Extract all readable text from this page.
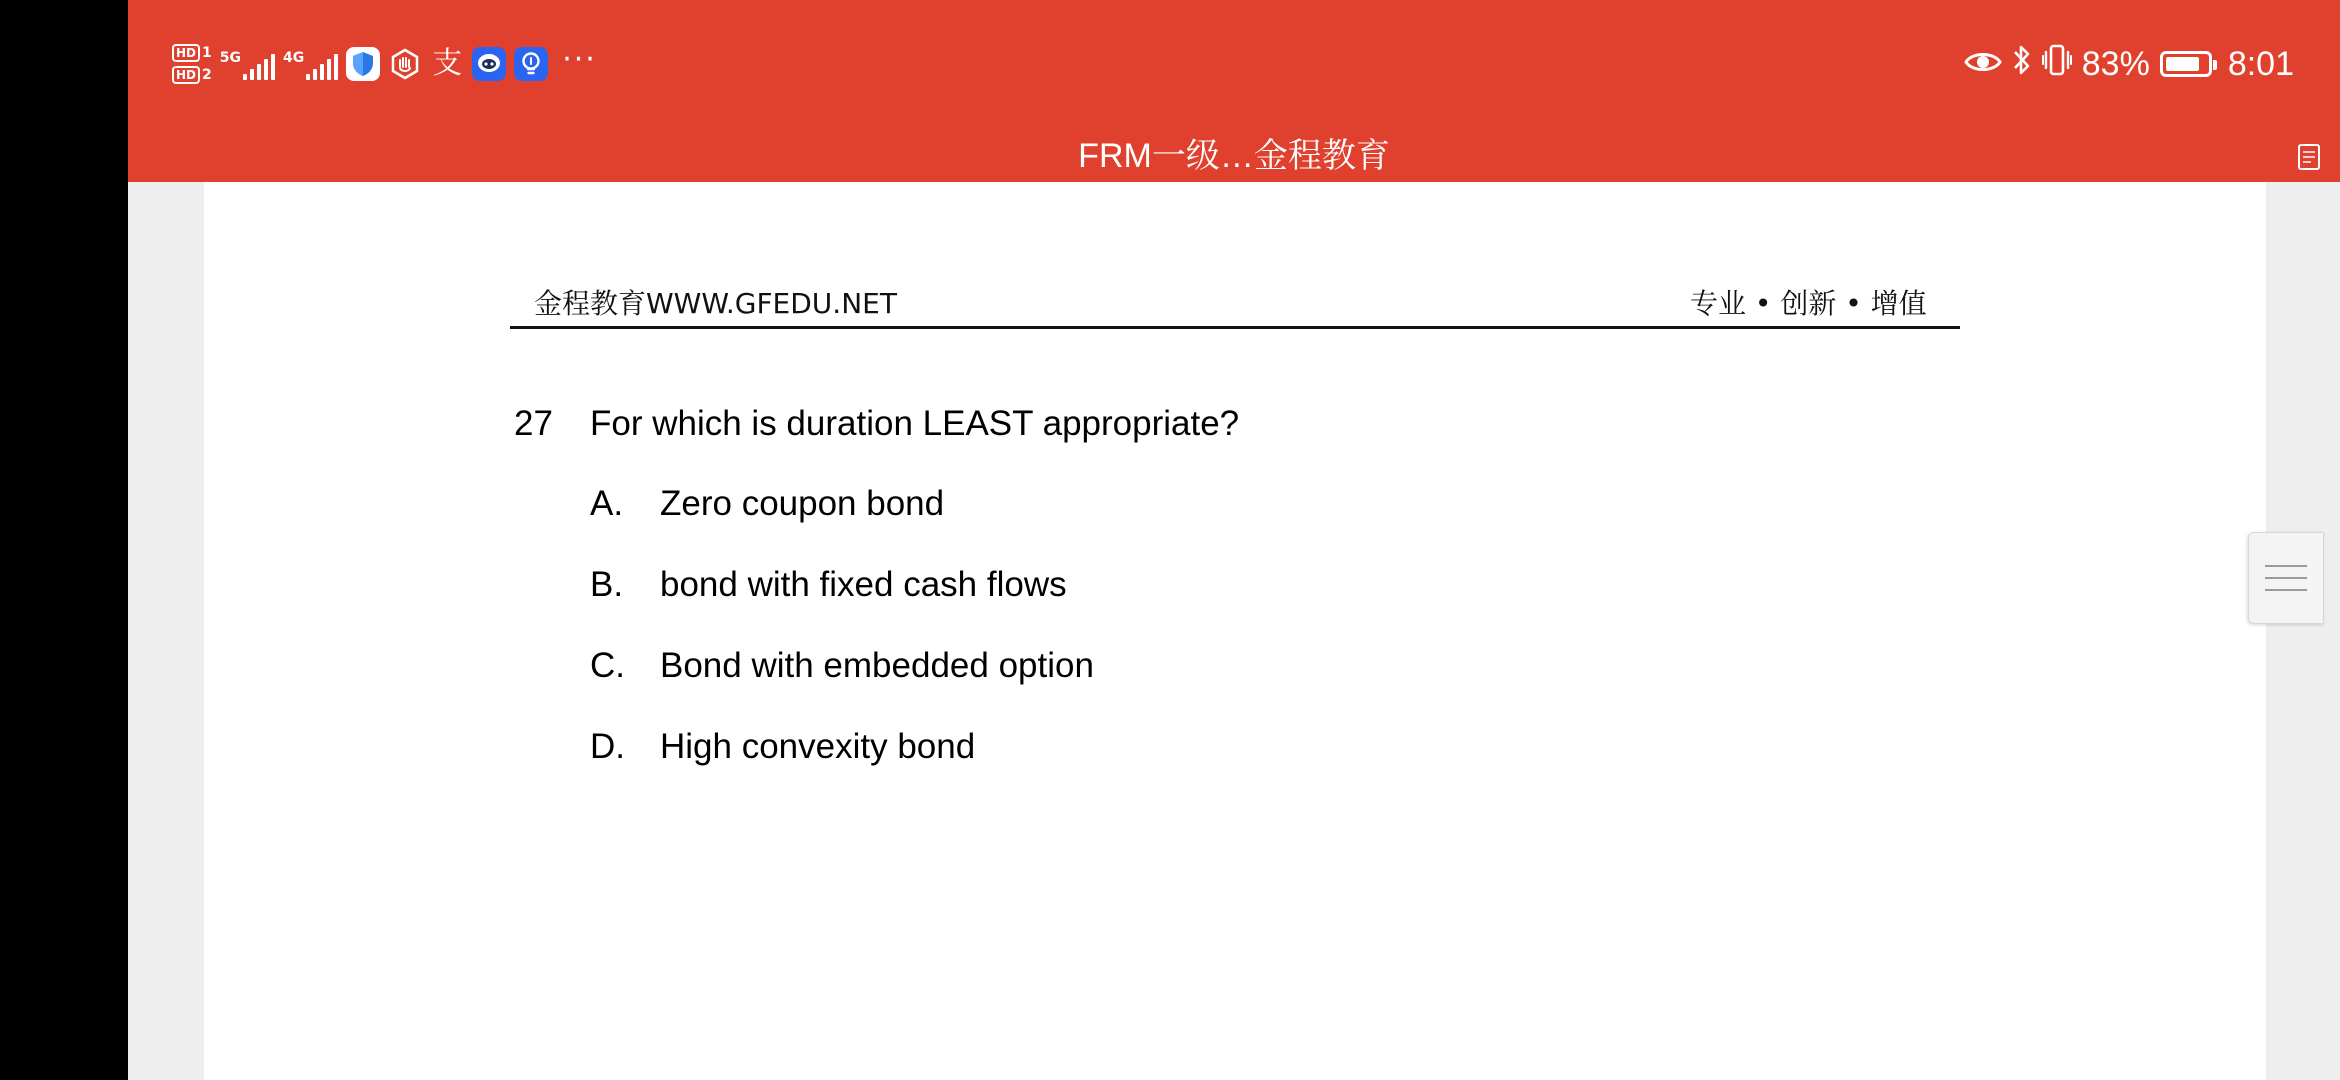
HD 1
HD 2
5G	4G	支	···	83% 8:01
FRM一级…金程教育
金程教育WWW.GFEDU.NET	专业 • 创新 • 增值
27 For which is duration LEAST appropriate?
A. Zero coupon bond
B. bond with fixed cash flows
C. Bond with embedded option
D. High convexity bond
